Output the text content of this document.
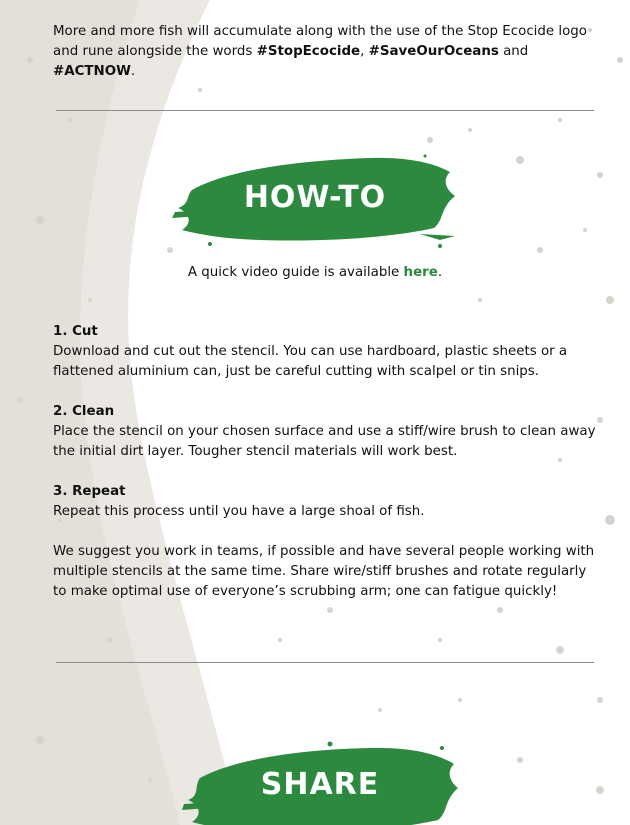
More and more fish will accumulate along with the use of the Stop Ecocide logo and rune alongside the words #StopEcocide, #SaveOurOceans and #ACTNOW.

HOW-TO

A quick video guide is available here.

1. Cut

Download and cut out the stencil. You can use hardboard, plastic sheets or a flattened aluminium can, just be careful cutting with scalpel or tin snips.

2. Clean

Place the stencil on your chosen surface and use a stiff/wire brush to clean away the initial dirt layer. Tougher stencil materials will work best.

3. Repeat

Repeat this process until you have a large shoal of fish.

We suggest you work in teams, if possible and have several people working with multiple stencils at the same time. Share wire/stiff brushes and rotate regularly to make optimal use of everyone’s scrubbing arm; one can fatigue quickly!

SHARE
